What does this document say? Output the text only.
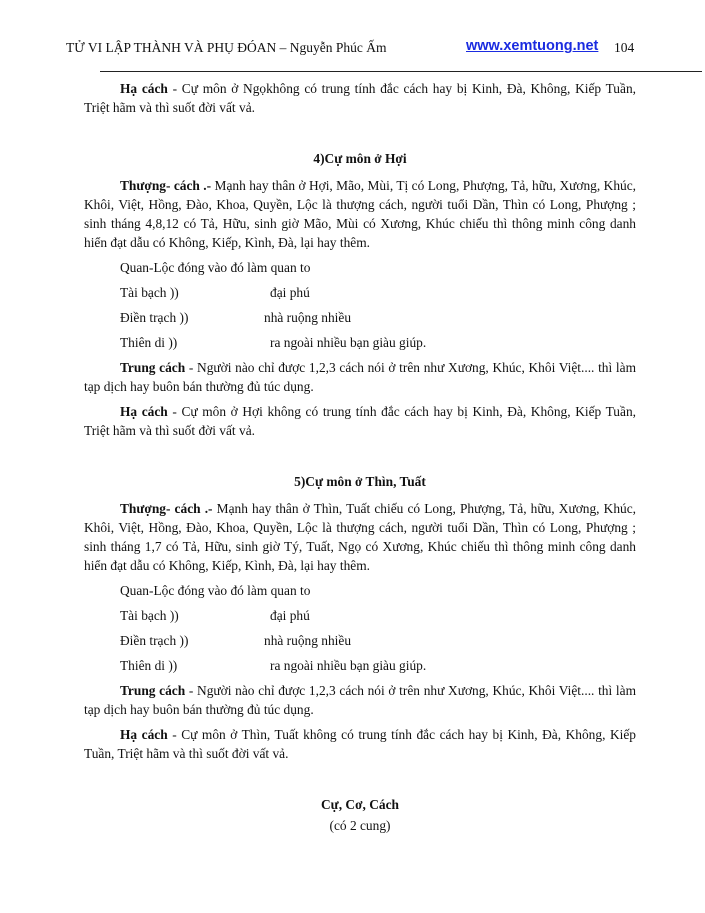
TỬ VI LẬP THÀNH VÀ PHỤ ĐÓAN – Nguyễn Phúc Ấm	www.xemtuong.net 104

Hạ cách - Cự môn ở Ngọkhông có trung tính đắc cách hay bị Kinh, Đà, Không, Kiếp Tuần, Triệt hãm và thì suốt đời vất vả.

4)Cự môn ở Hợi

Thượng- cách .- Mạnh hay thân ở Hợi, Mão, Mùi, Tị có Long, Phượng, Tả, hữu, Xương, Khúc, Khôi, Việt, Hồng, Đào, Khoa, Quyền, Lộc là thượng cách, người tuổi Dần, Thìn có Long, Phượng ; sinh tháng 4,8,12 có Tả, Hữu, sinh giờ Mão, Mùi có Xương, Khúc chiếu thì thông minh công danh hiển đạt dẫu có Không, Kiếp, Kình, Đà, lại hay thêm.

Quan-Lộc đóng vào đó làm quan to
Tài bạch ))	đại phú
Điền trạch ))	nhà ruộng nhiều
Thiên di ))	ra ngoài nhiều bạn giàu giúp.

Trung cách - Người nào chỉ được 1,2,3 cách nói ở trên như Xương, Khúc, Khôi Việt.... thì làm tạp dịch hay buôn bán thường đủ túc dụng.

Hạ cách - Cự môn ở Hợi không có trung tính đắc cách hay bị Kinh, Đà, Không, Kiếp Tuần, Triệt hãm và thì suốt đời vất vả.

5)Cự môn ở Thìn, Tuất

Thượng- cách .- Mạnh hay thân ở Thìn, Tuất chiếu có Long, Phượng, Tả, hữu, Xương, Khúc, Khôi, Việt, Hồng, Đào, Khoa, Quyền, Lộc là thượng cách, người tuổi Dần, Thìn có Long, Phượng ; sinh tháng 1,7 có Tả, Hữu, sinh giờ Tý, Tuất, Ngọ có Xương, Khúc chiếu thì thông minh công danh hiển đạt dẫu có Không, Kiếp, Kình, Đà, lại hay thêm.

Quan-Lộc đóng vào đó làm quan to
Tài bạch ))	đại phú
Điền trạch ))	nhà ruộng nhiều
Thiên di ))	ra ngoài nhiều bạn giàu giúp.

Trung cách - Người nào chỉ được 1,2,3 cách nói ở trên như Xương, Khúc, Khôi Việt.... thì làm tạp dịch hay buôn bán thường đủ túc dụng.

Hạ cách - Cự môn ở Thìn, Tuất không có trung tính đắc cách hay bị Kinh, Đà, Không, Kiếp Tuần, Triệt hãm và thì suốt đời vất vả.

Cự, Cơ, Cách
(có 2 cung)
